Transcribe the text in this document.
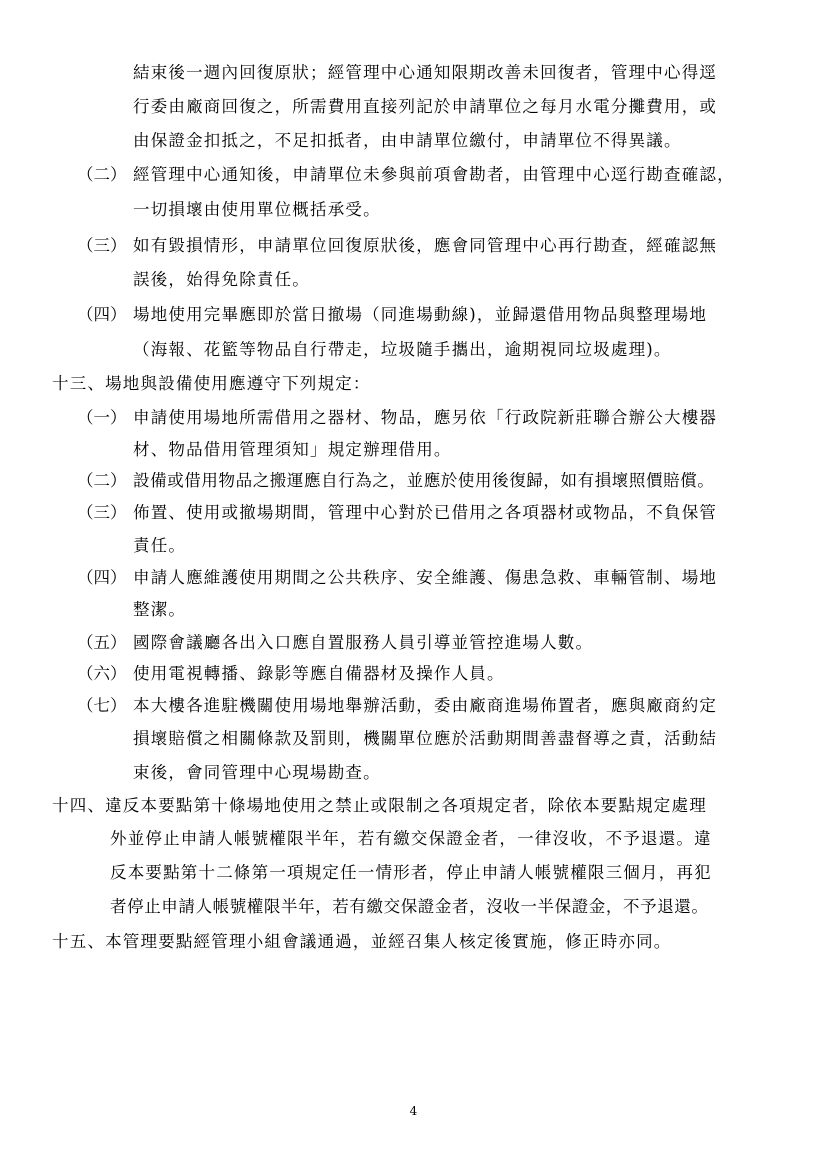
結束後一週內回復原狀；經管理中心通知限期改善未回復者，管理中心得逕
行委由廠商回復之，所需費用直接列記於申請單位之每月水電分攤費用，或
由保證金扣抵之，不足扣抵者，由申請單位繳付，申請單位不得異議。
（二） 經管理中心通知後，申請單位未參與前項會勘者，由管理中心逕行勘查確認，
一切損壞由使用單位概括承受。
（三） 如有毀損情形，申請單位回復原狀後，應會同管理中心再行勘查，經確認無
誤後，始得免除責任。
（四） 場地使用完畢應即於當日撤場（同進場動線)，並歸還借用物品與整理場地
（海報、花籃等物品自行帶走，垃圾隨手攜出，逾期視同垃圾處理)。
十三、場地與設備使用應遵守下列規定：
（一） 申請使用場地所需借用之器材、物品，應另依「行政院新莊聯合辦公大樓器
材、物品借用管理須知」規定辦理借用。
（二） 設備或借用物品之搬運應自行為之，並應於使用後復歸，如有損壞照價賠償。
（三） 佈置、使用或撤場期間，管理中心對於已借用之各項器材或物品，不負保管
責任。
（四） 申請人應維護使用期間之公共秩序、安全維護、傷患急救、車輛管制、場地
整潔。
（五） 國際會議廳各出入口應自置服務人員引導並管控進場人數。
（六） 使用電視轉播、錄影等應自備器材及操作人員。
（七） 本大樓各進駐機關使用場地舉辦活動，委由廠商進場佈置者，應與廠商約定
損壞賠償之相關條款及罰則，機關單位應於活動期間善盡督導之責，活動結
束後，會同管理中心現場勘查。
十四、違反本要點第十條場地使用之禁止或限制之各項規定者，除依本要點規定處理
外並停止申請人帳號權限半年，若有繳交保證金者，一律沒收，不予退還。違
反本要點第十二條第一項規定任一情形者，停止申請人帳號權限三個月，再犯
者停止申請人帳號權限半年，若有繳交保證金者，沒收一半保證金，不予退還。
十五、本管理要點經管理小組會議通過，並經召集人核定後實施，修正時亦同。
4
